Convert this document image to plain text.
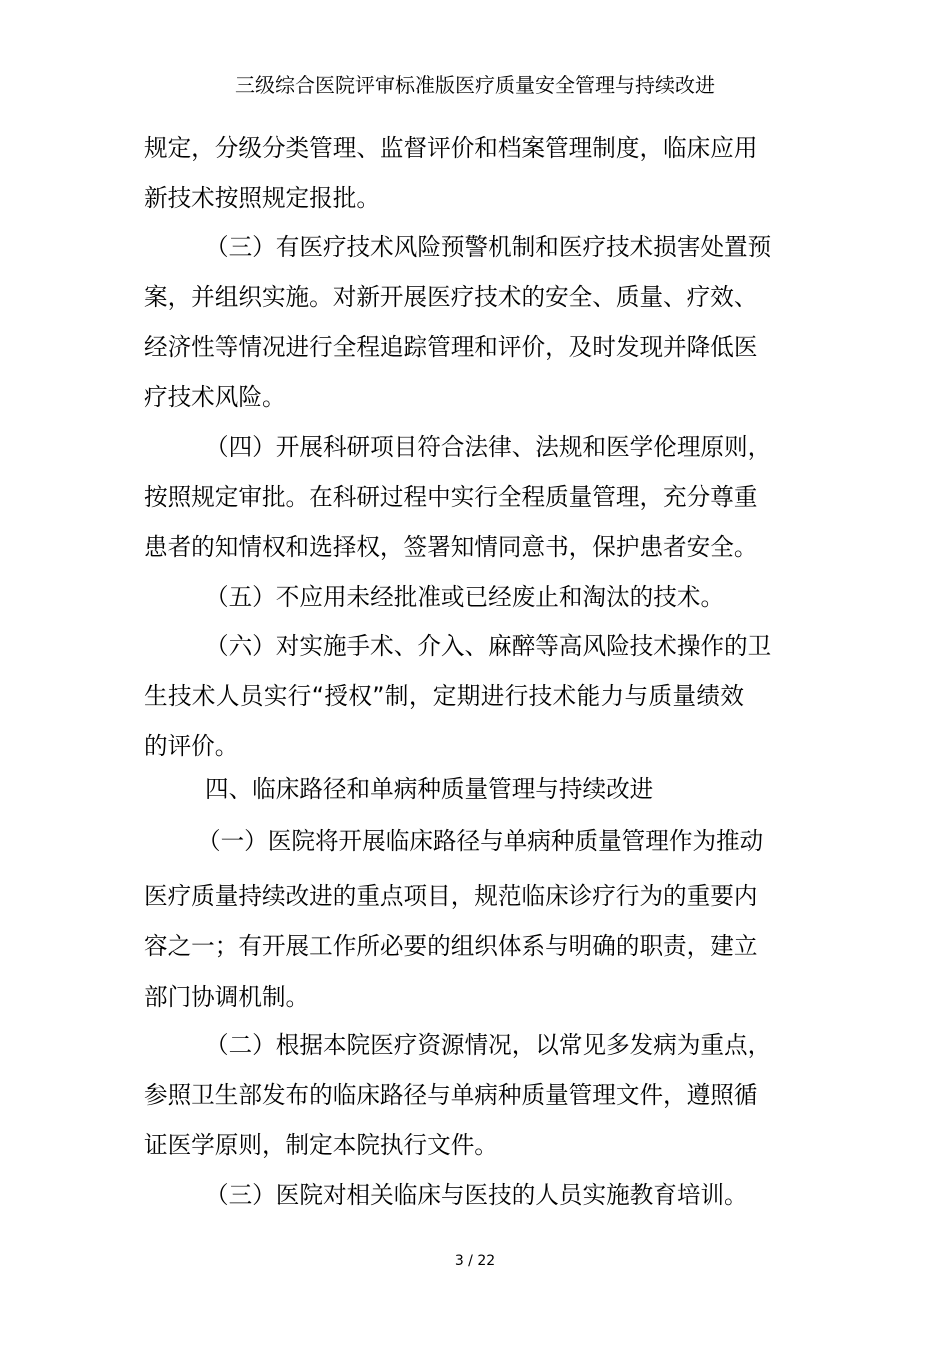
三级综合医院评审标准版医疗质量安全管理与持续改进
规定，分级分类管理、监督评价和档案管理制度，临床应用
新技术按照规定报批。
（三）有医疗技术风险预警机制和医疗技术损害处置预
案，并组织实施。对新开展医疗技术的安全、质量、疗效、
经济性等情况进行全程追踪管理和评价，及时发现并降低医
疗技术风险。
（四）开展科研项目符合法律、法规和医学伦理原则，
按照规定审批。在科研过程中实行全程质量管理，充分尊重
患者的知情权和选择权，签署知情同意书，保护患者安全。
（五）不应用未经批准或已经废止和淘汰的技术。
（六）对实施手术、介入、麻醉等高风险技术操作的卫
生技术人员实行“授权”制，定期进行技术能力与质量绩效
的评价。
四、临床路径和单病种质量管理与持续改进
（一）医院将开展临床路径与单病种质量管理作为推动
医疗质量持续改进的重点项目，规范临床诊疗行为的重要内
容之一；有开展工作所必要的组织体系与明确的职责，建立
部门协调机制。
（二）根据本院医疗资源情况，以常见多发病为重点，
参照卫生部发布的临床路径与单病种质量管理文件，遵照循
证医学原则，制定本院执行文件。
（三）医院对相关临床与医技的人员实施教育培训。
3 / 22
